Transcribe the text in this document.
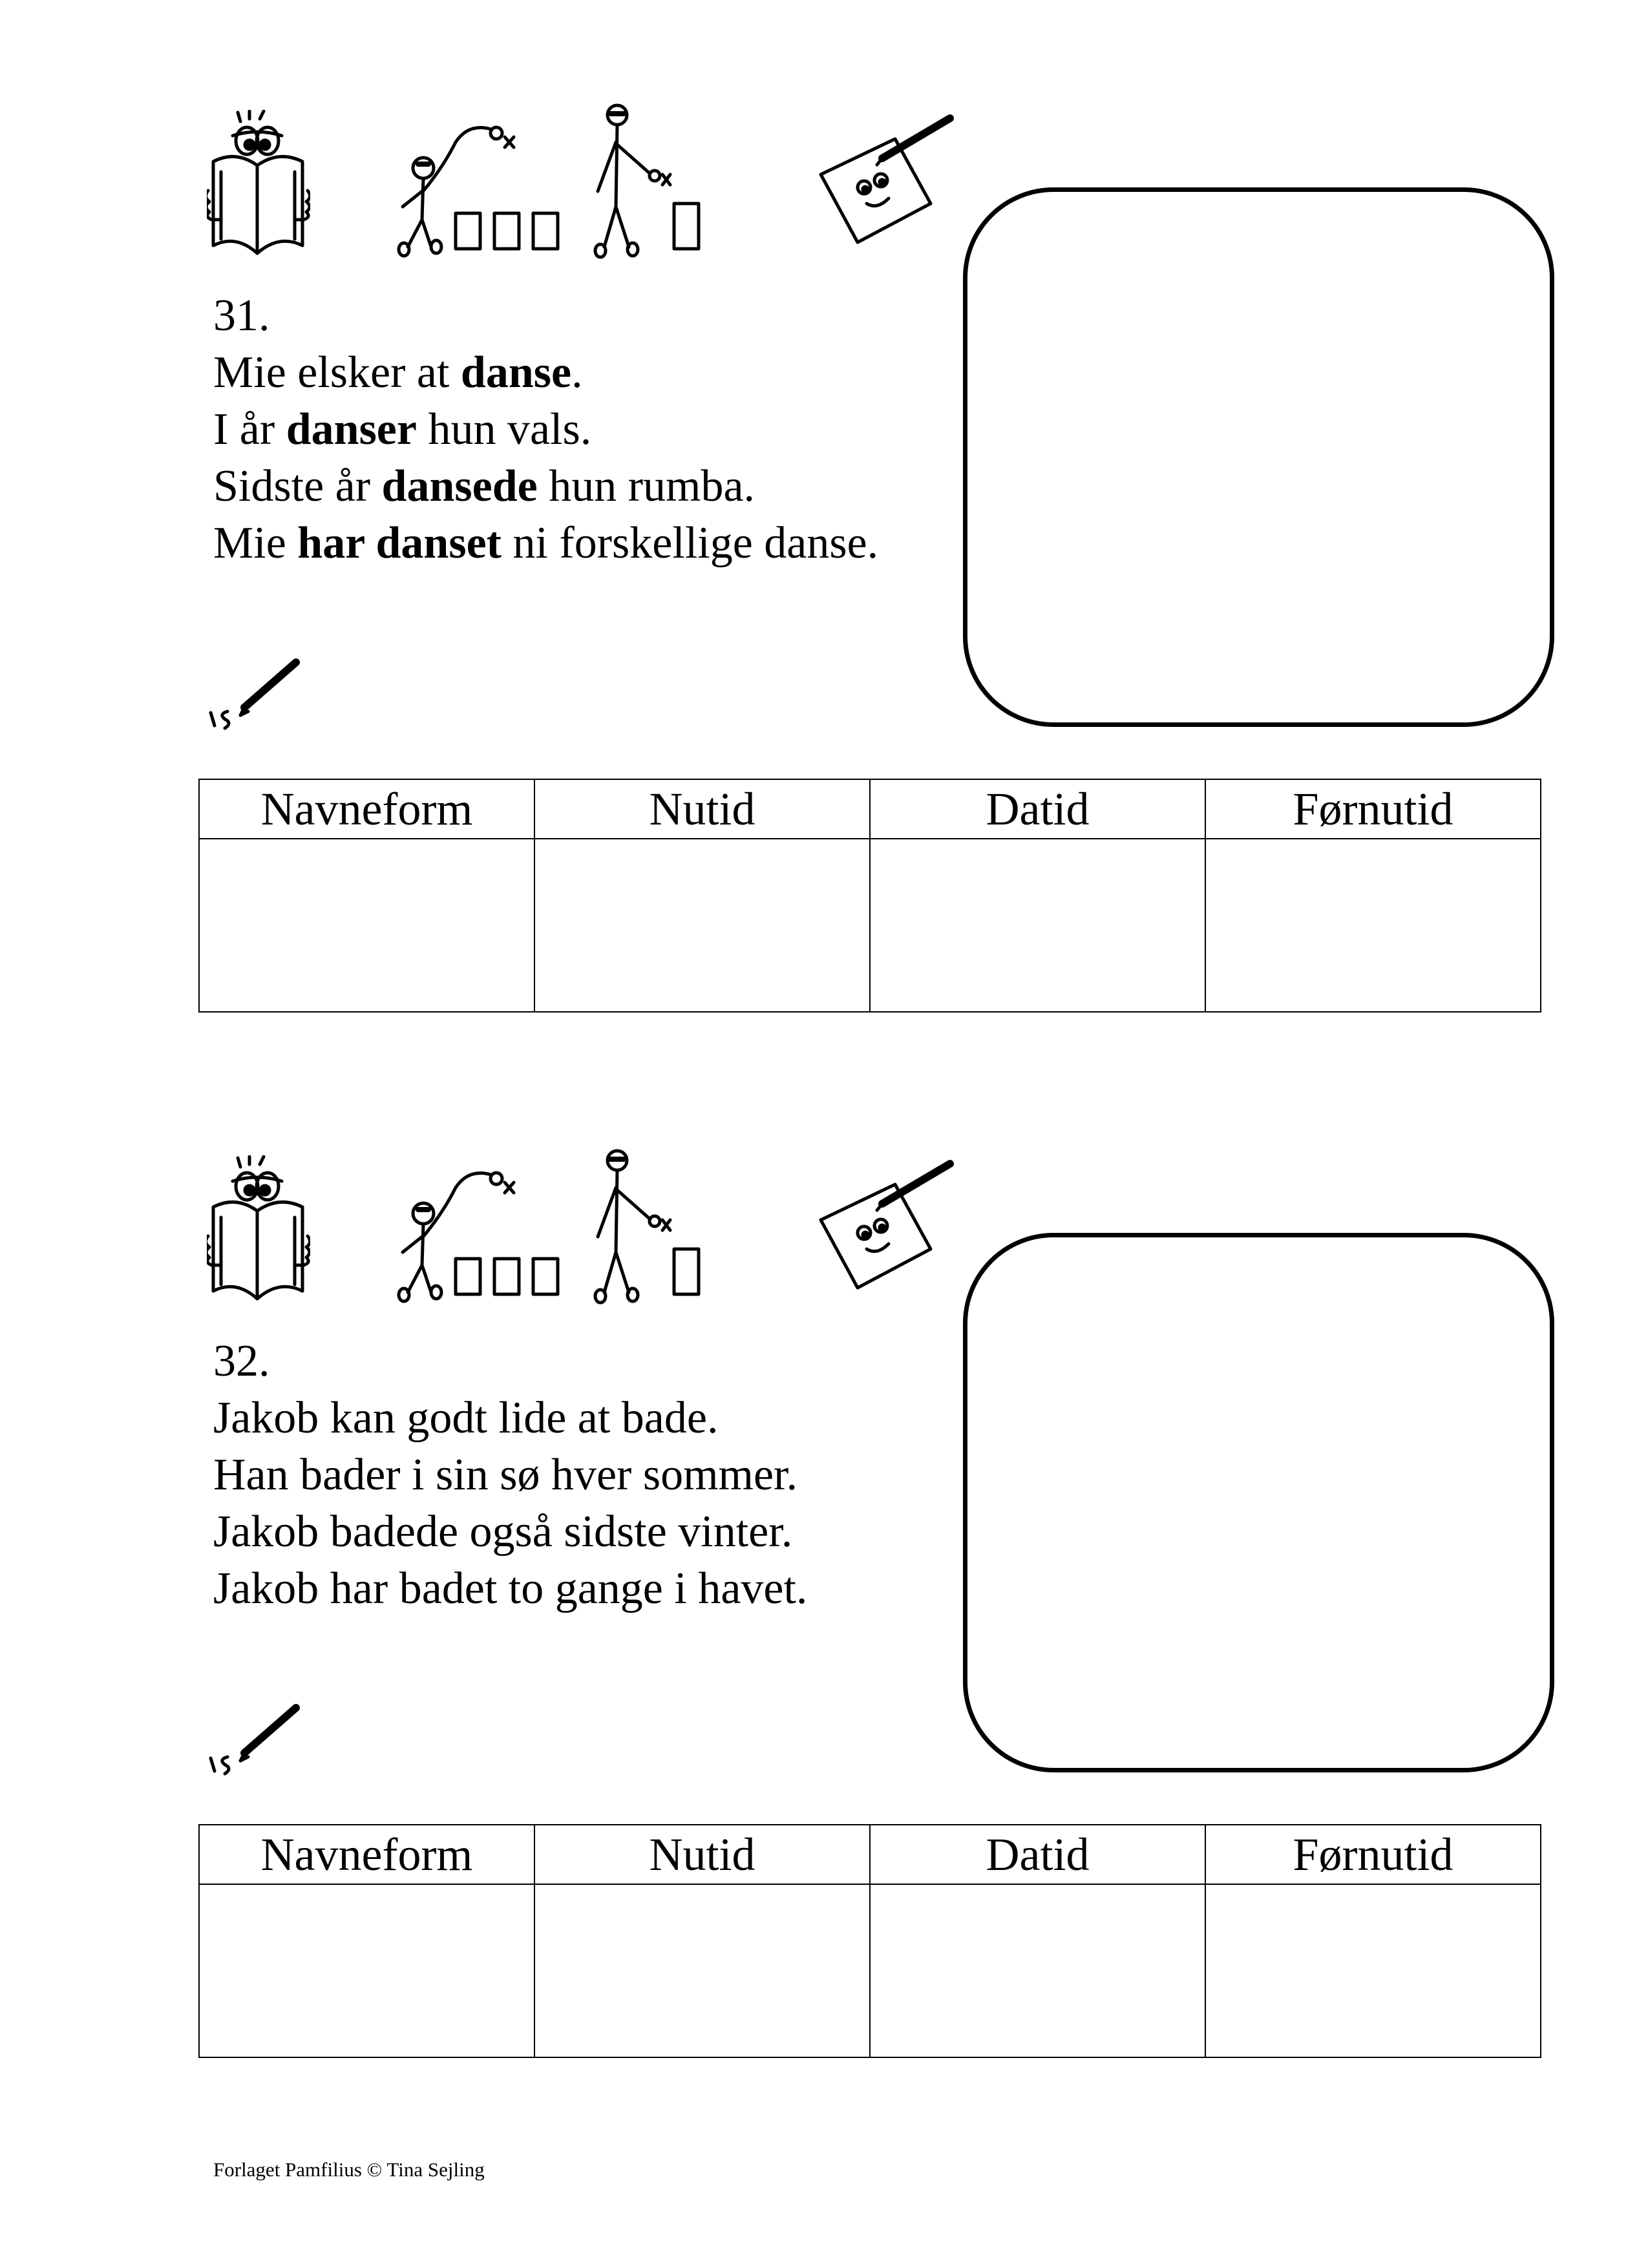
31.
Mie elsker at danse.
I år danser hun vals.
Sidste år dansede hun rumba.
Mie har danset ni forskellige danse.
Navneform	Nutid	Datid	Førnutid

32.
Jakob kan godt lide at bade.
Han bader i sin sø hver sommer.
Jakob badede også sidste vinter.
Jakob har badet to gange i havet.
Navneform	Nutid	Datid	Førnutid

Forlaget Pamfilius © Tina Sejling
